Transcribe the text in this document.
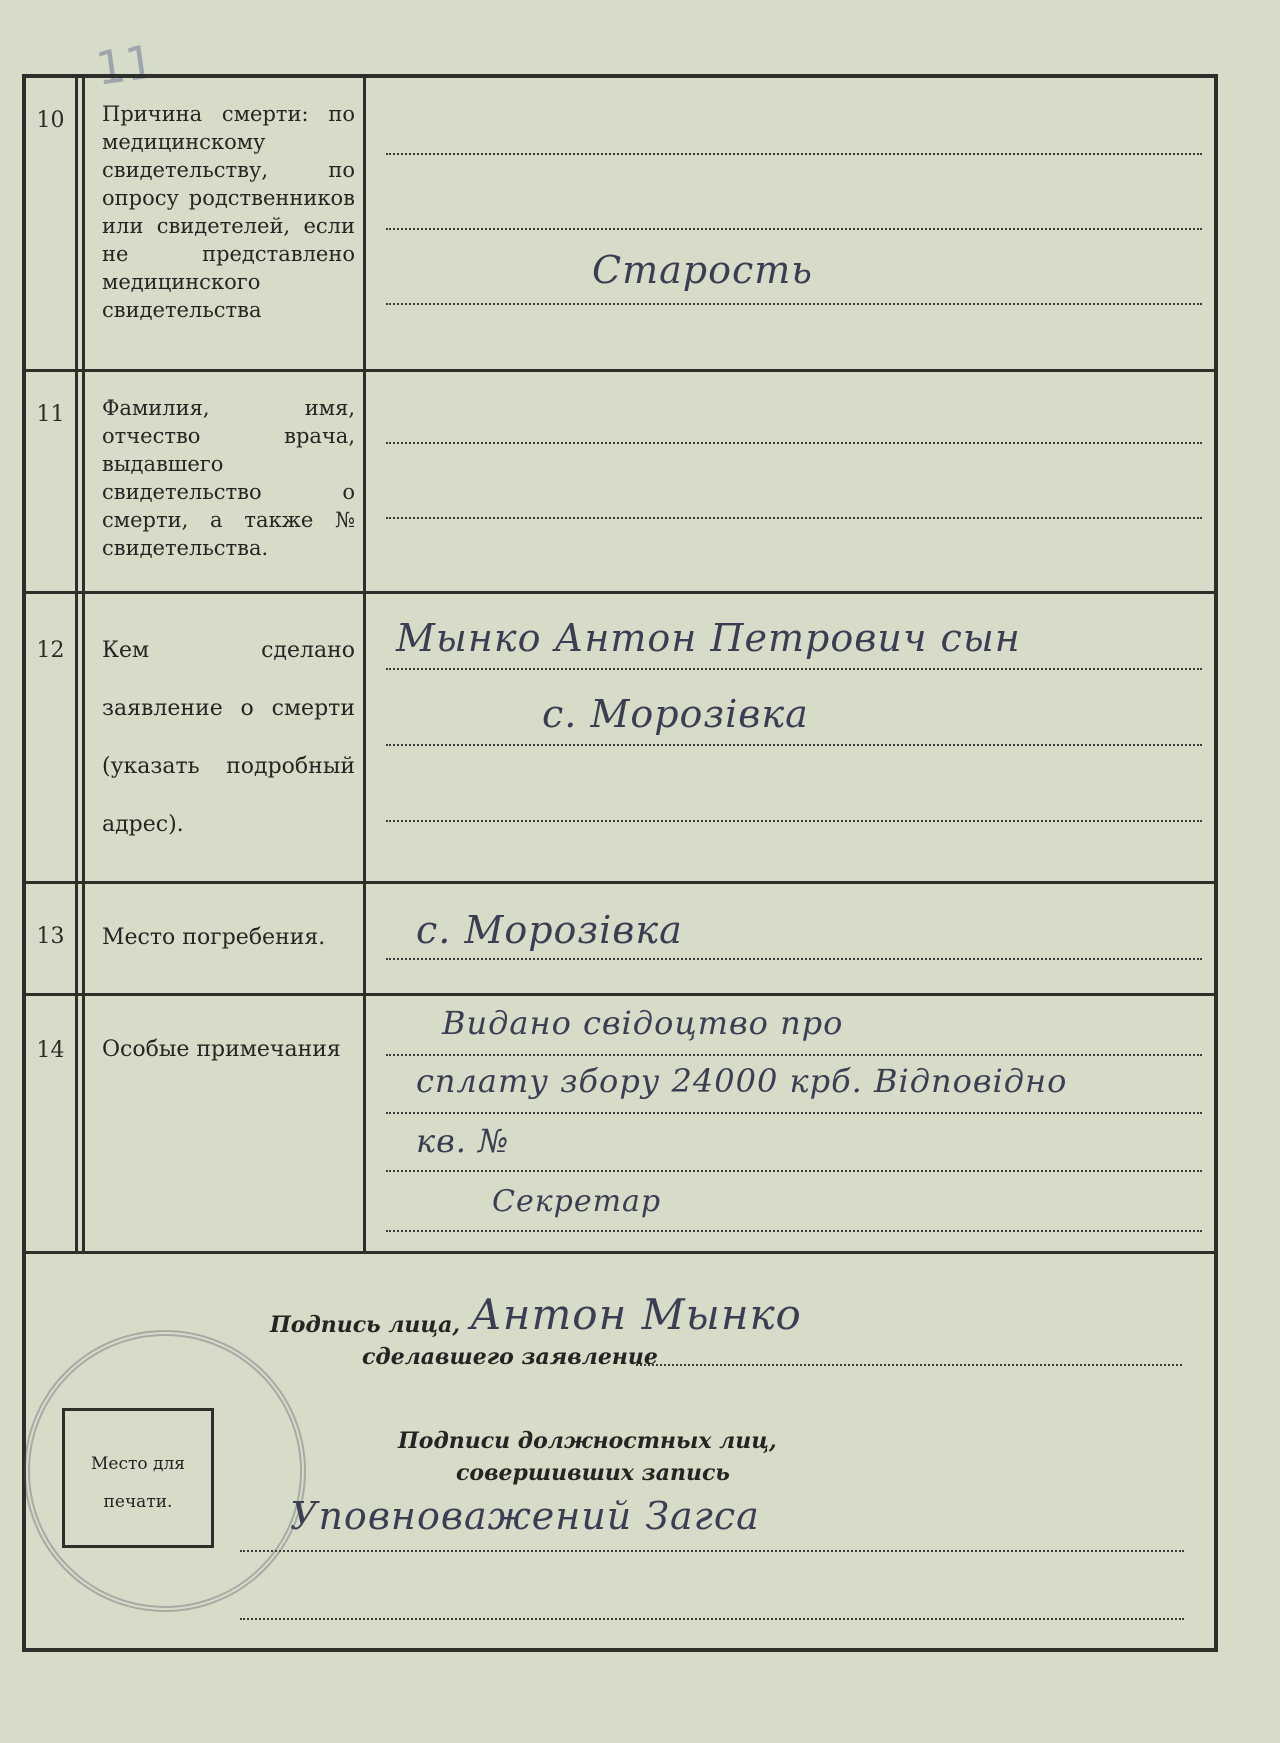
11
10	Причина смерти: по медицинскому свидетельству, по опросу родственников или свидетелей, если не представлено медицинского свидетельства
Старость
11	Фамилия, имя, отчество врача, выдавшего свидетельство о смерти, а также № свидетельства.
12	Кем сделано заявление о смерти (указать подробный адрес).
Мынко Антон Петрович сын
с. Морозівка
13	Место погребения.	с. Морозівка
14	Особые примечания
Видано свідоцтво про
сплату збору 24000 крб. Відповідно
кв. №
Секретар
Подпись лица, Антон Мынко
сделавшего заявление
Подписи должностных лиц,
совершивших запись
Уповноважений Загса
Место для
печати.
